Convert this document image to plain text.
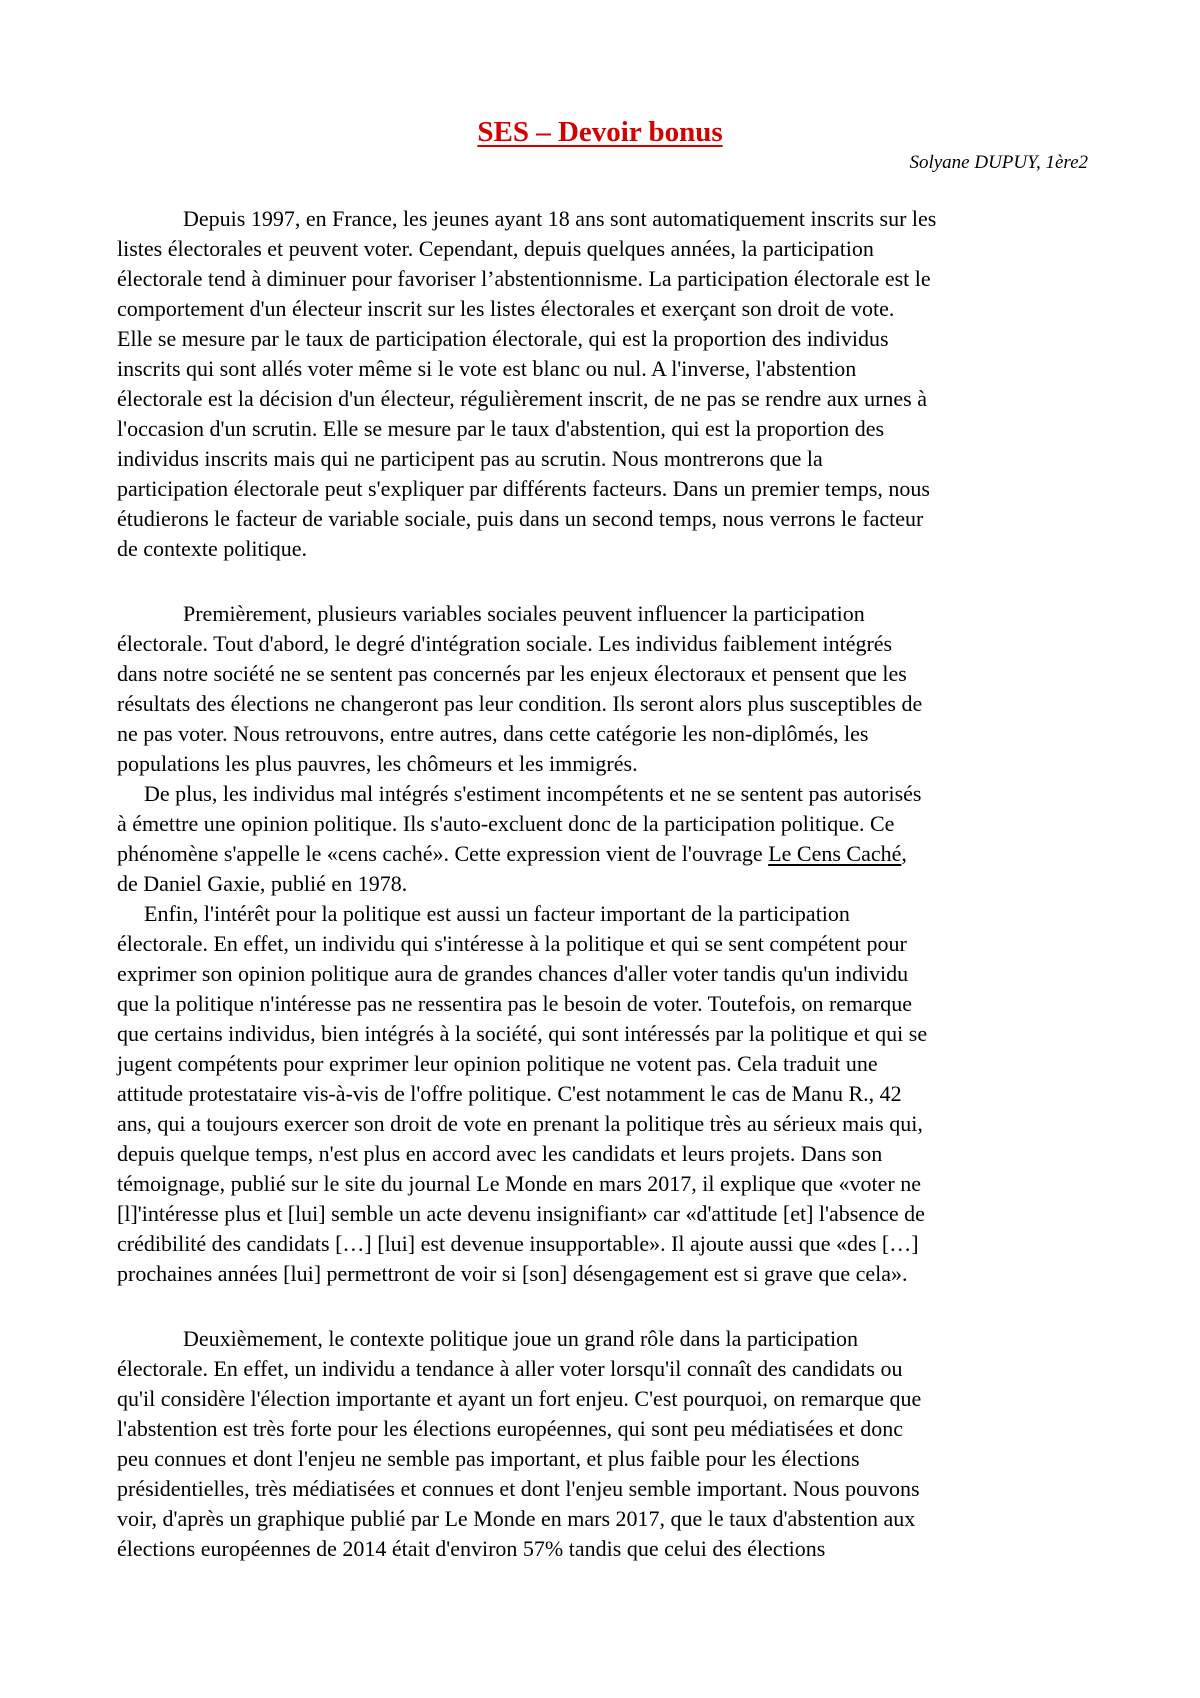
SES – Devoir bonus
Solyane DUPUY, 1ère2
Depuis 1997, en France, les jeunes ayant 18 ans sont automatiquement inscrits sur les
listes électorales et peuvent voter. Cependant, depuis quelques années, la participation
électorale tend à diminuer pour favoriser l’abstentionnisme. La participation électorale est le
comportement d'un électeur inscrit sur les listes électorales et exerçant son droit de vote.
Elle se mesure par le taux de participation électorale, qui est la proportion des individus
inscrits qui sont allés voter même si le vote est blanc ou nul. A l'inverse, l'abstention
électorale est la décision d'un électeur, régulièrement inscrit, de ne pas se rendre aux urnes à
l'occasion d'un scrutin. Elle se mesure par le taux d'abstention, qui est la proportion des
individus inscrits mais qui ne participent pas au scrutin. Nous montrerons que la
participation électorale peut s'expliquer par différents facteurs. Dans un premier temps, nous
étudierons le facteur de variable sociale, puis dans un second temps, nous verrons le facteur
de contexte politique.
Premièrement, plusieurs variables sociales peuvent influencer la participation
électorale. Tout d'abord, le degré d'intégration sociale. Les individus faiblement intégrés
dans notre société ne se sentent pas concernés par les enjeux électoraux et pensent que les
résultats des élections ne changeront pas leur condition. Ils seront alors plus susceptibles de
ne pas voter. Nous retrouvons, entre autres, dans cette catégorie les non-diplômés, les
populations les plus pauvres, les chômeurs et les immigrés.
De plus, les individus mal intégrés s'estiment incompétents et ne se sentent pas autorisés
à émettre une opinion politique. Ils s'auto-excluent donc de la participation politique. Ce
phénomène s'appelle le «cens caché». Cette expression vient de l'ouvrage Le Cens Caché,
de Daniel Gaxie, publié en 1978.
Enfin, l'intérêt pour la politique est aussi un facteur important de la participation
électorale. En effet, un individu qui s'intéresse à la politique et qui se sent compétent pour
exprimer son opinion politique aura de grandes chances d'aller voter tandis qu'un individu
que la politique n'intéresse pas ne ressentira pas le besoin de voter. Toutefois, on remarque
que certains individus, bien intégrés à la société, qui sont intéressés par la politique et qui se
jugent compétents pour exprimer leur opinion politique ne votent pas. Cela traduit une
attitude protestataire vis-à-vis de l'offre politique. C'est notamment le cas de Manu R., 42
ans, qui a toujours exercer son droit de vote en prenant la politique très au sérieux mais qui,
depuis quelque temps, n'est plus en accord avec les candidats et leurs projets. Dans son
témoignage, publié sur le site du journal Le Monde en mars 2017, il explique que «voter ne
[l]'intéresse plus et [lui] semble un acte devenu insignifiant» car «d'attitude [et] l'absence de
crédibilité des candidats […] [lui] est devenue insupportable». Il ajoute aussi que «des […]
prochaines années [lui] permettront de voir si [son] désengagement est si grave que cela».
Deuxièmement, le contexte politique joue un grand rôle dans la participation
électorale. En effet, un individu a tendance à aller voter lorsqu'il connaît des candidats ou
qu'il considère l'élection importante et ayant un fort enjeu. C'est pourquoi, on remarque que
l'abstention est très forte pour les élections européennes, qui sont peu médiatisées et donc
peu connues et dont l'enjeu ne semble pas important, et plus faible pour les élections
présidentielles, très médiatisées et connues et dont l'enjeu semble important. Nous pouvons
voir, d'après un graphique publié par Le Monde en mars 2017, que le taux d'abstention aux
élections européennes de 2014 était d'environ 57% tandis que celui des élections
